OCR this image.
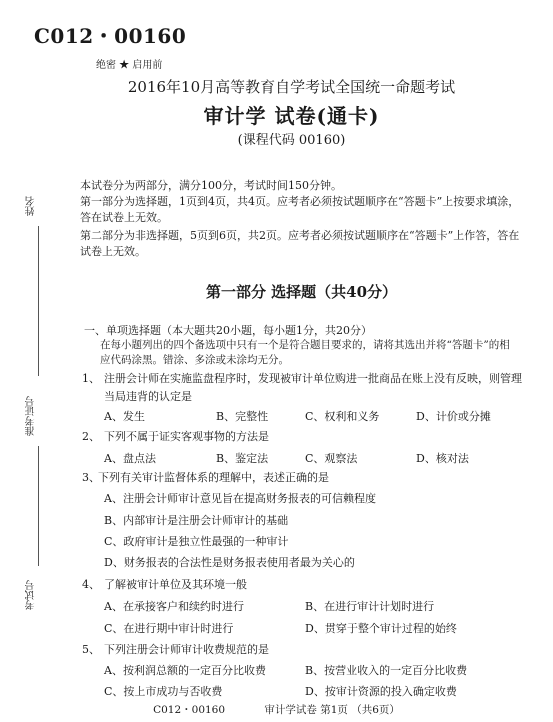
C012・00160
绝密 ★ 启用前
2016年10月高等教育自学考试全国统一命题考试
审计学 试卷(通卡)
(课程代码 00160)
姓名
准考证号
考试号
本试卷分为两部分，满分100分，考试时间150分钟。
第一部分为选择题，1页到4页，共4页。应考者必须按试题顺序在“答题卡”上按要求填涂，答在试卷上无效。
第二部分为非选择题，5页到6页，共2页。应考者必须按试题顺序在“答题卡”上作答，答在试卷上无效。
第一部分 选择题（共40分）
一、单项选择题（本大题共20小题，每小题1分，共20分）
在每小题列出的四个备选项中只有一个是符合题目要求的，请将其选出并将“答题卡”的相应代码涂黑。错涂、多涂或未涂均无分。
1、 注册会计师在实施监盘程序时，发现被审计单位购进一批商品在账上没有反映，则管理当局违背的认定是
A、发生	B、完整性	C、权利和义务	D、计价或分摊
2、 下列不属于证实客观事物的方法是
A、盘点法	B、鉴定法	C、观察法	D、核对法
3、
下列有关审计监督体系的理解中，表述正确的是
A、注册会计师审计意见旨在提高财务报表的可信赖程度
B、内部审计是注册会计师审计的基础
C、政府审计是独立性最强的一种审计
D、财务报表的合法性是财务报表使用者最为关心的
4、 了解被审计单位及其环境一般
A、在承接客户和续约时进行	B、在进行审计计划时进行
C、在进行期中审计时进行	D、贯穿于整个审计过程的始终
5、 下列注册会计师审计收费规范的是
A、按利润总额的一定百分比收费	B、按营业收入的一定百分比收费
C、按上市成功与否收费	D、按审计资源的投入确定收费
C012・00160	审计学试卷 第1页 （共6页）
